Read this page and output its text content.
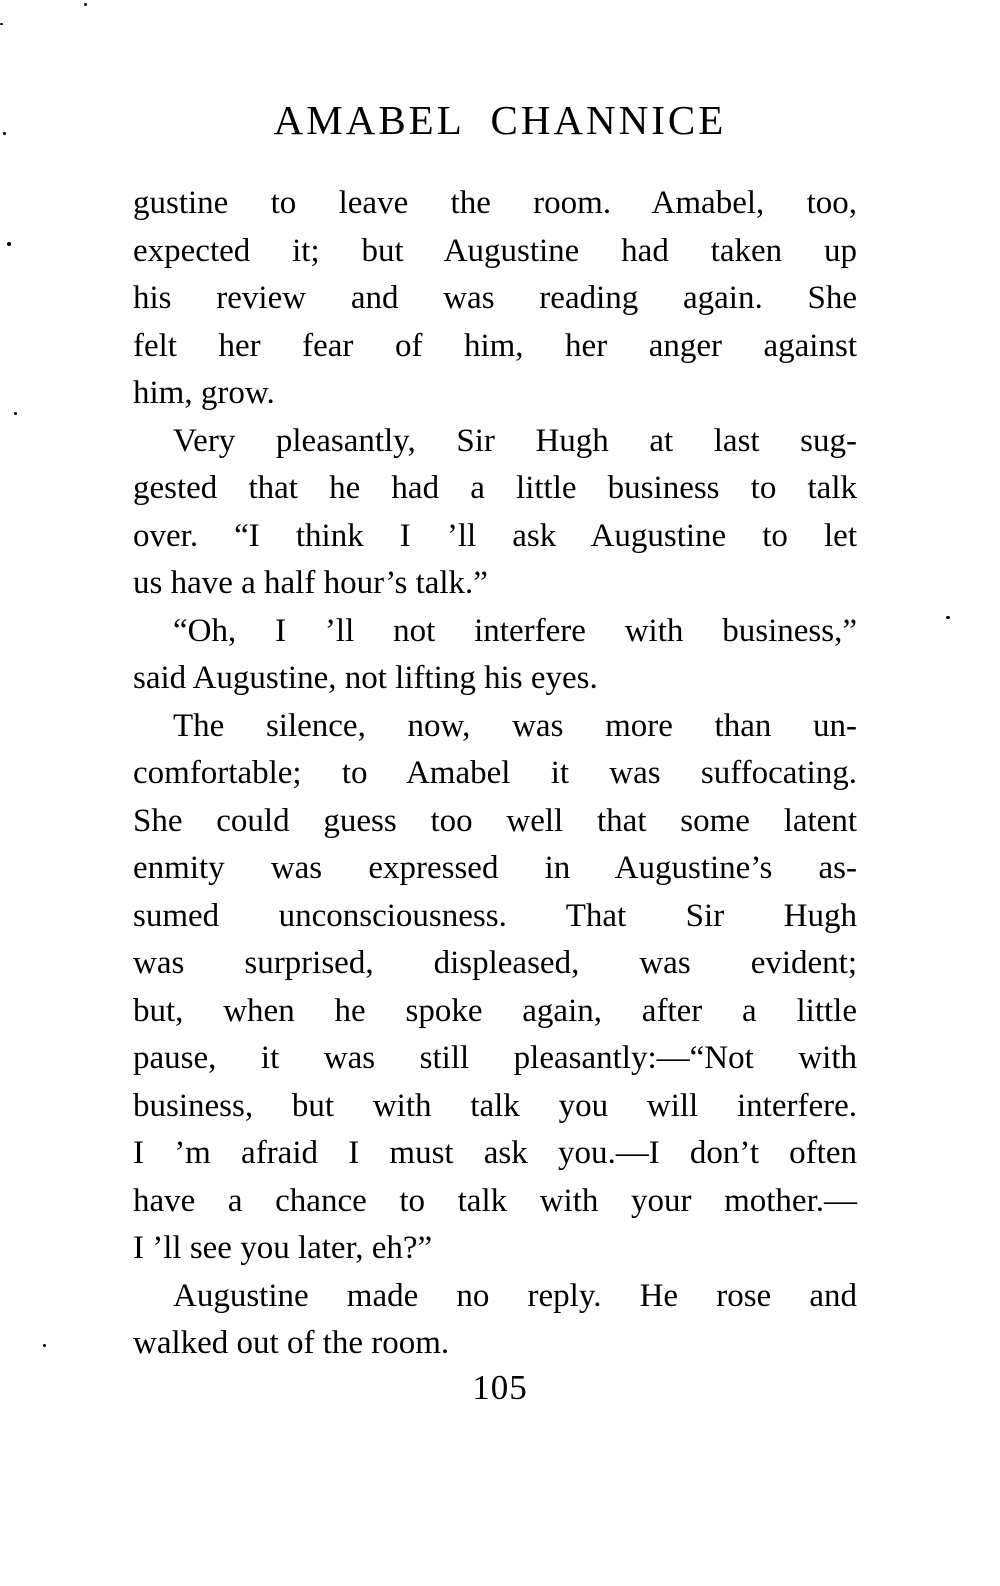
AMABEL CHANNICE
gustine to leave the room. Amabel, too,
expected it; but Augustine had taken up
his review and was reading again. She
felt her fear of him, her anger against
him, grow.
Very pleasantly, Sir Hugh at last sug-
gested that he had a little business to talk
over. “I think I ’ll ask Augustine to let
us have a half hour’s talk.”
“Oh, I ’ll not interfere with business,”
said Augustine, not lifting his eyes.
The silence, now, was more than un-
comfortable; to Amabel it was suffocating.
She could guess too well that some latent
enmity was expressed in Augustine’s as-
sumed unconsciousness. That Sir Hugh
was surprised, displeased, was evident;
but, when he spoke again, after a little
pause, it was still pleasantly:—“Not with
business, but with talk you will interfere.
I ’m afraid I must ask you.—I don’t often
have a chance to talk with your mother.—
I ’ll see you later, eh?”
Augustine made no reply. He rose and
walked out of the room.
105
